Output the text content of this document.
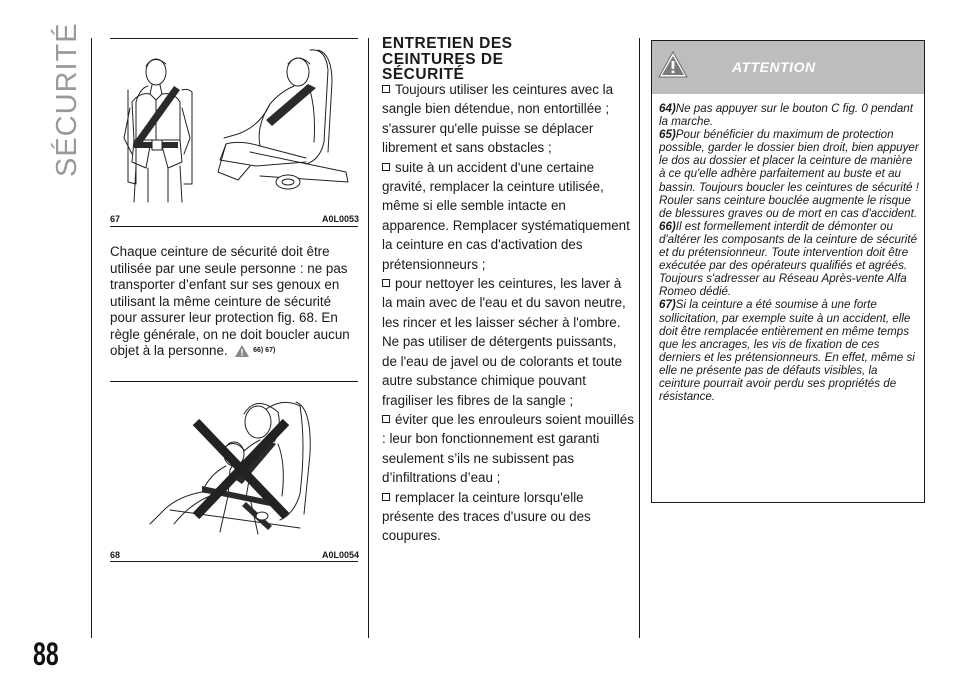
SÉCURITÉ
88
67	A0L0053
Chaque ceinture de sécurité doit être utilisée par une seule personne : ne pas transporter d’enfant sur ses genoux en utilisant la même ceinture de sécurité pour assurer leur protection fig. 68. En règle générale, on ne doit boucler aucun objet à la personne.	66) 67)
68	A0L0054
ENTRETIEN DES
CEINTURES DE
SÉCURITÉ
Toujours utiliser les ceintures avec la sangle bien détendue, non entortillée ; s'assurer qu'elle puisse se déplacer librement et sans obstacles ;
suite à un accident d'une certaine gravité, remplacer la ceinture utilisée, même si elle semble intacte en apparence. Remplacer systématiquement la ceinture en cas d'activation des prétensionneurs ;
pour nettoyer les ceintures, les laver à la main avec de l'eau et du savon neutre, les rincer et les laisser sécher à l'ombre. Ne pas utiliser de détergents puissants, de l'eau de javel ou de colorants et toute autre substance chimique pouvant fragiliser les fibres de la sangle ;
éviter que les enrouleurs soient mouillés : leur bon fonctionnement est garanti seulement s’ils ne subissent pas d’infiltrations d’eau ;
remplacer la ceinture lorsqu'elle présente des traces d'usure ou des coupures.
ATTENTION
64)Ne pas appuyer sur le bouton C fig. 0 pendant la marche.
65)Pour bénéficier du maximum de protection possible, garder le dossier bien droit, bien appuyer le dos au dossier et placer la ceinture de manière à ce qu'elle adhère parfaitement au buste et au bassin. Toujours boucler les ceintures de sécurité ! Rouler sans ceinture bouclée augmente le risque de blessures graves ou de mort en cas d'accident.
66)Il est formellement interdit de démonter ou d'altérer les composants de la ceinture de sécurité et du prétensionneur. Toute intervention doit être exécutée par des opérateurs qualifiés et agréés. Toujours s'adresser au Réseau Après-vente Alfa Romeo dédié.
67)Si la ceinture a été soumise à une forte sollicitation, par exemple suite à un accident, elle doit être remplacée entièrement en même temps que les ancrages, les vis de fixation de ces derniers et les prétensionneurs. En effet, même si elle ne présente pas de défauts visibles, la ceinture pourrait avoir perdu ses propriétés de résistance.
